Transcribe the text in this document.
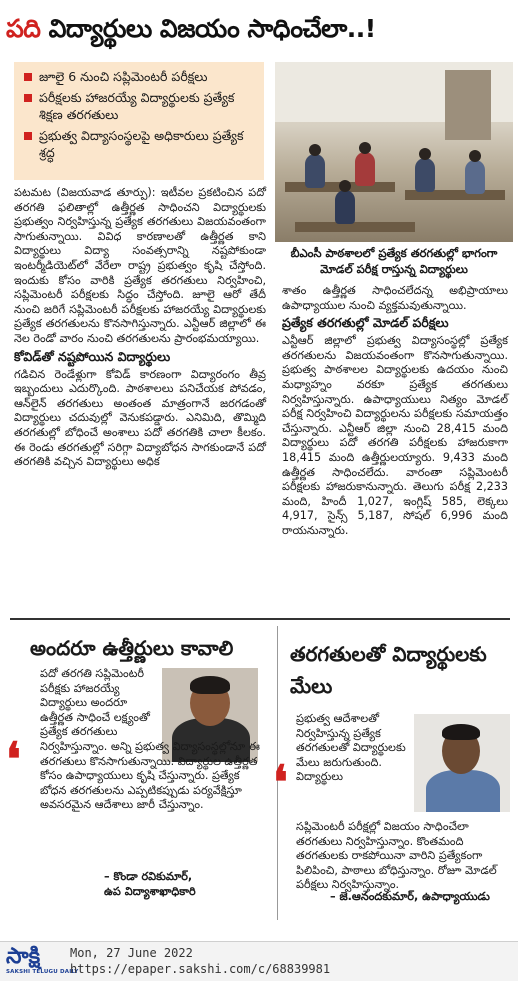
పది విద్యార్థులు విజయం సాధించేలా..!
జూలై 6 నుంచి సప్లిమెంటరీ పరీక్షలు
పరీక్షలకు హాజరయ్యే విద్యార్థులకు ప్రత్యేక శిక్షణ తరగతులు
ప్రభుత్వ విద్యాసంస్థలపై అధికారులు ప్రత్యేక శ్రద్ధ
బీఎంసీ పాఠశాలలో ప్రత్యేక తరగతుల్లో భాగంగా మోడల్ పరీక్ష రాస్తున్న విద్యార్థులు

పటమట (విజయవాడ తూర్పు): ఇటీవల ప్రకటించిన పదో తరగతి ఫలితాల్లో ఉత్తీర్ణత సాధించని విద్యార్థులకు ప్రభుత్వం నిర్వహిస్తున్న ప్రత్యేక తరగతులు విజయవంతంగా సాగుతున్నాయి. వివిధ కారణాలతో ఉత్తీర్ణత కాని విద్యార్థులు విద్యా సంవత్సరాన్ని నష్టపోకుండా ఇంటర్మీడియెట్‌లో వేరేలా రాష్ట్ర ప్రభుత్వం కృషి చేస్తోంది. ఇందుకు కోసం వారికి ప్రత్యేక తరగతులు నిర్వహించి, సప్లిమెంటరీ పరీక్షలకు సిద్ధం చేస్తోంది. జూలై ఆరో తేదీ నుంచి జరిగే సప్లిమెంటరీ పరీక్షలకు హాజరయ్యే విద్యార్థులకు ప్రత్యేక తరగతులను కొనసాగిస్తున్నారు. ఎన్టీఆర్ జిల్లాలో ఈ నెల రెండో వారం నుంచి తరగతులను ప్రారంభమయ్యాయి.

కోవిడ్‌తో నష్టపోయిన విద్యార్థులు

గడిచిన రెండేళ్లుగా కోవిడ్ కారణంగా విద్యారంగం తీవ్ర ఇబ్బందులు ఎదుర్కొంది. పాఠశాలలు పనిచేయక పోవడం, ఆన్‌లైన్ తరగతులు అంతంత మాత్రంగానే జరగడంతో విద్యార్థులు చదువుల్లో వెనుకపడ్డారు. ఎనిమిది, తొమ్మిది తరగతుల్లో బోధించే అంశాలు పదో తరగతికి చాలా కీలకం. ఈ రెండు తరగతుల్లో సరిగ్గా విద్యాబోధన సాగకుండానే పదో తరగతికి వచ్చిన విద్యార్థులు అధిక

శాతం ఉత్తీర్ణత సాధించలేదన్న అభిప్రాయాలు ఉపాధ్యాయుల నుంచి వ్యక్తమవుతున్నాయి.

ప్రత్యేక తరగతుల్లో మోడల్ పరీక్షలు

ఎన్టీఆర్ జిల్లాలో ప్రభుత్వ విద్యాసంస్థల్లో ప్రత్యేక తరగతులను విజయవంతంగా కొనసాగుతున్నాయి. ప్రభుత్వ పాఠశాలల విద్యార్థులకు ఉదయం నుంచి మధ్యాహ్నం వరకూ ప్రత్యేక తరగతులు నిర్వహిస్తున్నారు. ఉపాధ్యాయులు నిత్యం మోడల్ పరీక్ష నిర్వహించి విద్యార్థులను పరీక్షలకు సమాయత్తం చేస్తున్నారు. ఎన్టీఆర్ జిల్లా నుంచి 28,415 మంది విద్యార్థులు పదో తరగతి పరీక్షలకు హాజరుకాగా 18,415 మంది ఉత్తీర్ణులయ్యారు. 9,433 మంది ఉత్తీర్ణత సాధించలేదు. వారంతా సప్లిమెంటరీ పరీక్షలకు హాజరుకానున్నారు. తెలుగు పరీక్ష 2,233 మంది, హిందీ 1,027, ఇంగ్లిష్ 585, లెక్కలు 4,917, సైన్స్ 5,187, సోషల్ 6,996 మంది రాయనున్నారు.

అందరూ ఉత్తీర్ణులు కావాలి
పదో తరగతి సప్లిమెంటరీ పరీక్షకు హాజరయ్యే విద్యార్థులు అందరూ ఉత్తీర్ణత సాధించే లక్ష్యంతో ప్రత్యేక తరగతులు
❛ నిర్వహిస్తున్నాం. అన్ని ప్రభుత్వ విద్యాసంస్థల్లోనూ ఈ తరగతులు కొనసాగుతున్నాయి. విద్యార్థుల ఉత్తీర్ణత కోసం ఉపాధ్యాయులు కృషి చేస్తున్నారు. ప్రత్యేక బోధన తరగతులను ఎప్పటికప్పుడు పర్యవేక్షిస్తూ అవసరమైన ఆదేశాలు జారీ చేస్తున్నాం.
– కొండా రవికుమార్,
ఉప విద్యాశాఖాధికారి
తరగతులతో విద్యార్థులకు మేలు
ప్రభుత్వ ఆదేశాలతో నిర్వహిస్తున్న ప్రత్యేక తరగతులతో విద్యార్థులకు మేలు జరుగుతుంది. విద్యార్థులు
❛
సప్లిమెంటరీ పరీక్షల్లో విజయం సాధించేలా తరగతులు నిర్వహిస్తున్నాం. కొంతమంది తరగతులకు రాకపోయినా వారిని ప్రత్యేకంగా పిలిపించి, పాఠాలు బోధిస్తున్నాం. రోజూ మోడల్ పరీక్షలు నిర్వహిస్తున్నాం.
– జె.ఆనందకుమార్, ఉపాధ్యాయుడు
సాక్షి
SAKSHI TELUGU DAILY
Mon, 27 June 2022
https://epaper.sakshi.com/c/68839981
